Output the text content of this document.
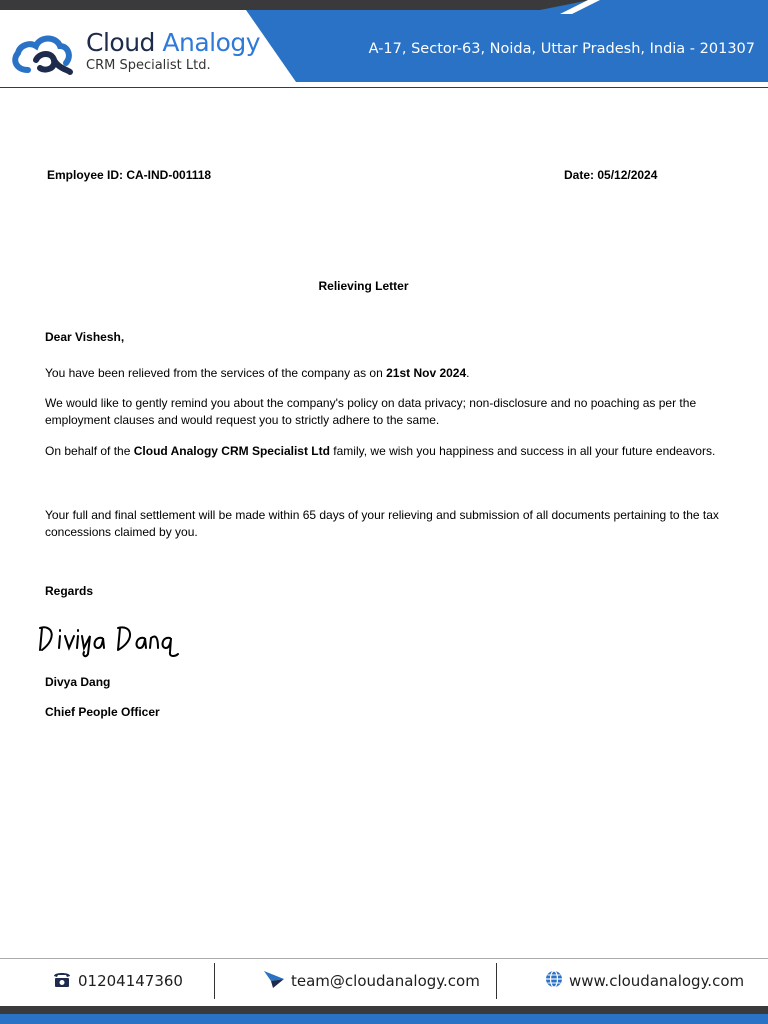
Cloud Analogy
CRM Specialist Ltd.
A-17, Sector-63, Noida, Uttar Pradesh, India - 201307
Employee ID: CA-IND-001118	Date: 05/12/2024
Relieving Letter
Dear Vishesh,
You have been relieved from the services of the company as on 21st Nov 2024.
We would like to gently remind you about the company's policy on data privacy; non-disclosure and no poaching as per the employment clauses and would request you to strictly adhere to the same.
On behalf of the Cloud Analogy CRM Specialist Ltd family, we wish you happiness and success in all your future endeavors.
Your full and final settlement will be made within 65 days of your relieving and submission of all documents pertaining to the tax concessions claimed by you.
Regards
Divya Dang
Chief People Officer
01204147360	team@cloudanalogy.com	www.cloudanalogy.com
